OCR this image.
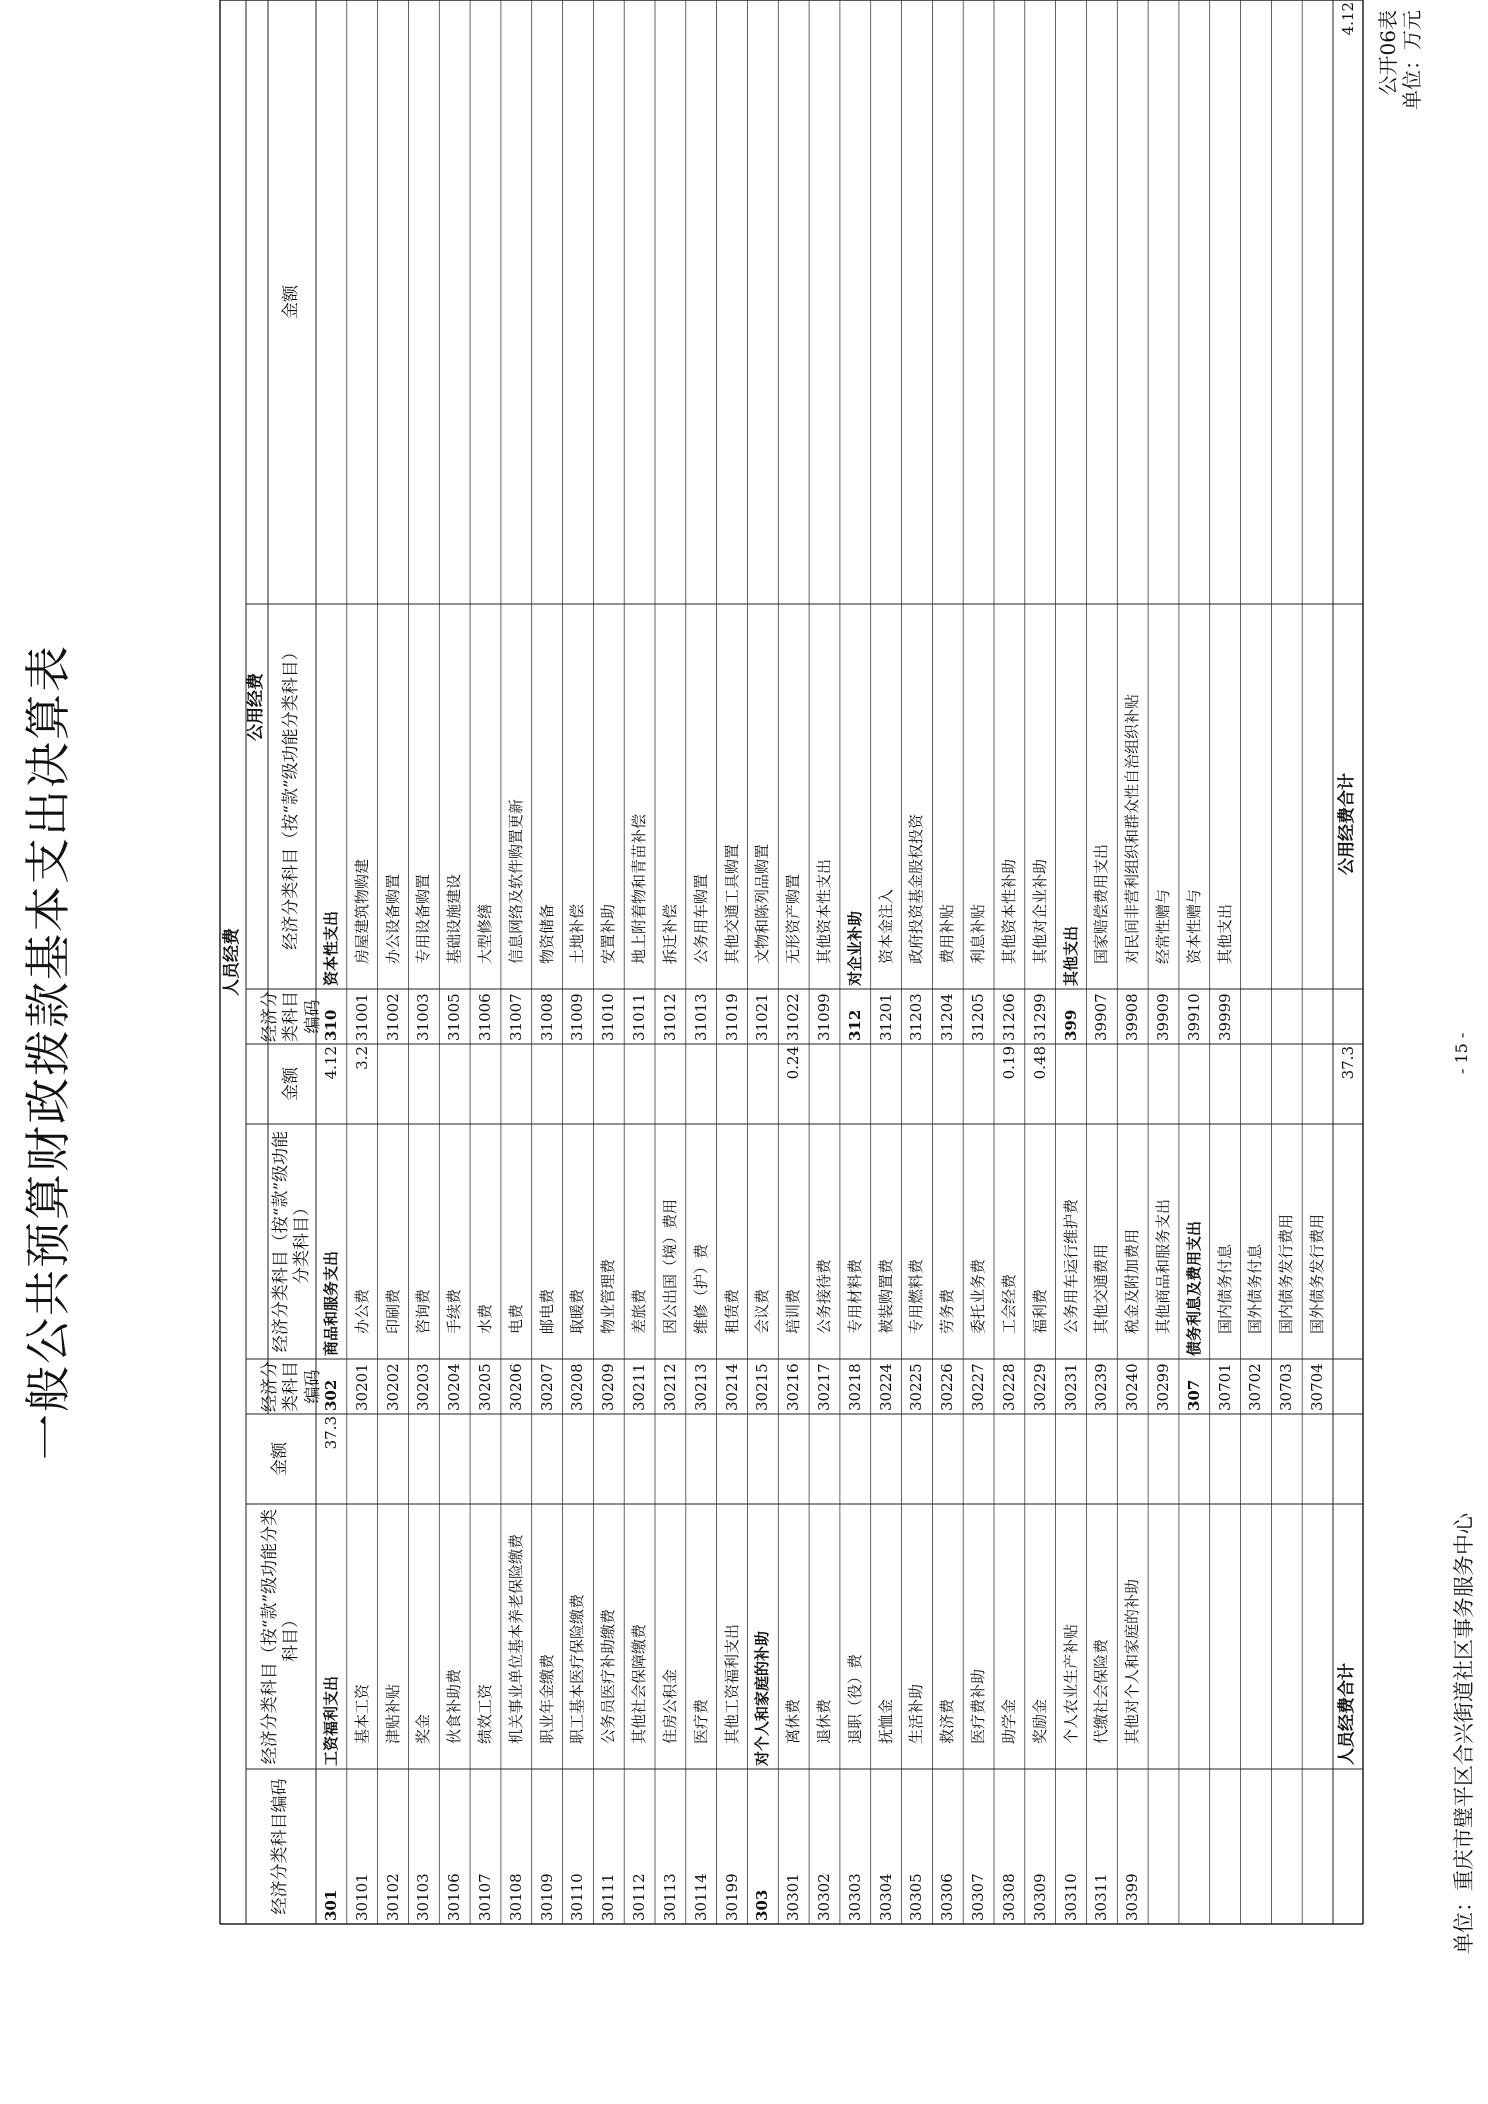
一般公共预算财政拨款基本支出决算表
公开06表 单位：万元
单位：重庆市璧平区合兴街道社区事务服务中心
- 15 -
人员经费
公用经费
经济分类科目编码
经济分类科目（按“款”级功能分类科目）
金额
经济分类科目编码
经济分类科目（按“款”级功能分类科目）
金额
经济分类科目编码
经济分类科目（按“款”级功能分类科目）
金额
301
工资福利支出
37.3
30101
基本工资
30102
津贴补贴
30103
奖金
30106
伙食补助费
30107
绩效工资
30108
机关事业单位基本养老保险缴费
30109
职业年金缴费
30110
职工基本医疗保险缴费
30111
公务员医疗补助缴费
30112
其他社会保障缴费
30113
住房公积金
30114
医疗费
30199
其他工资福利支出
303
对个人和家庭的补助
30301
离休费
30302
退休费
30303
退职（役）费
30304
抚恤金
30305
生活补助
30306
救济费
30307
医疗费补助
30308
助学金
30309
奖励金
30310
个人农业生产补贴
30311
代缴社会保险费
30399
其他对个人和家庭的补助
302
商品和服务支出
4.12
30201
办公费
3.2
30202
印刷费
30203
咨询费
30204
手续费
30205
水费
30206
电费
30207
邮电费
30208
取暖费
30209
物业管理费
30211
差旅费
30212
因公出国（境）费用
30213
维修（护）费
30214
租赁费
30215
会议费
30216
培训费
0.24
30217
公务接待费
30218
专用材料费
30224
被装购置费
30225
专用燃料费
30226
劳务费
30227
委托业务费
30228
工会经费
0.19
30229
福利费
0.48
30231
公务用车运行维护费
30239
其他交通费用
30240
税金及附加费用
30299
其他商品和服务支出
307
债务利息及费用支出
30701
国内债务付息
30702
国外债务付息
30703
国内债务发行费用
30704
国外债务发行费用
310
资本性支出
31001
房屋建筑物购建
31002
办公设备购置
31003
专用设备购置
31005
基础设施建设
31006
大型修缮
31007
信息网络及软件购置更新
31008
物资储备
31009
土地补偿
31010
安置补助
31011
地上附着物和青苗补偿
31012
拆迁补偿
31013
公务用车购置
31019
其他交通工具购置
31021
文物和陈列品购置
31022
无形资产购置
31099
其他资本性支出
312
对企业补助
31201
资本金注入
31203
政府投资基金股权投资
31204
费用补贴
31205
利息补贴
31206
其他资本性补助
31299
其他对企业补助
399
其他支出
39907
国家赔偿费用支出
39908
对民间非营利组织和群众性自治组织补贴
39909
经常性赠与
39910
资本性赠与
39999
其他支出
人员经费合计
37.3
公用经费合计
4.12
